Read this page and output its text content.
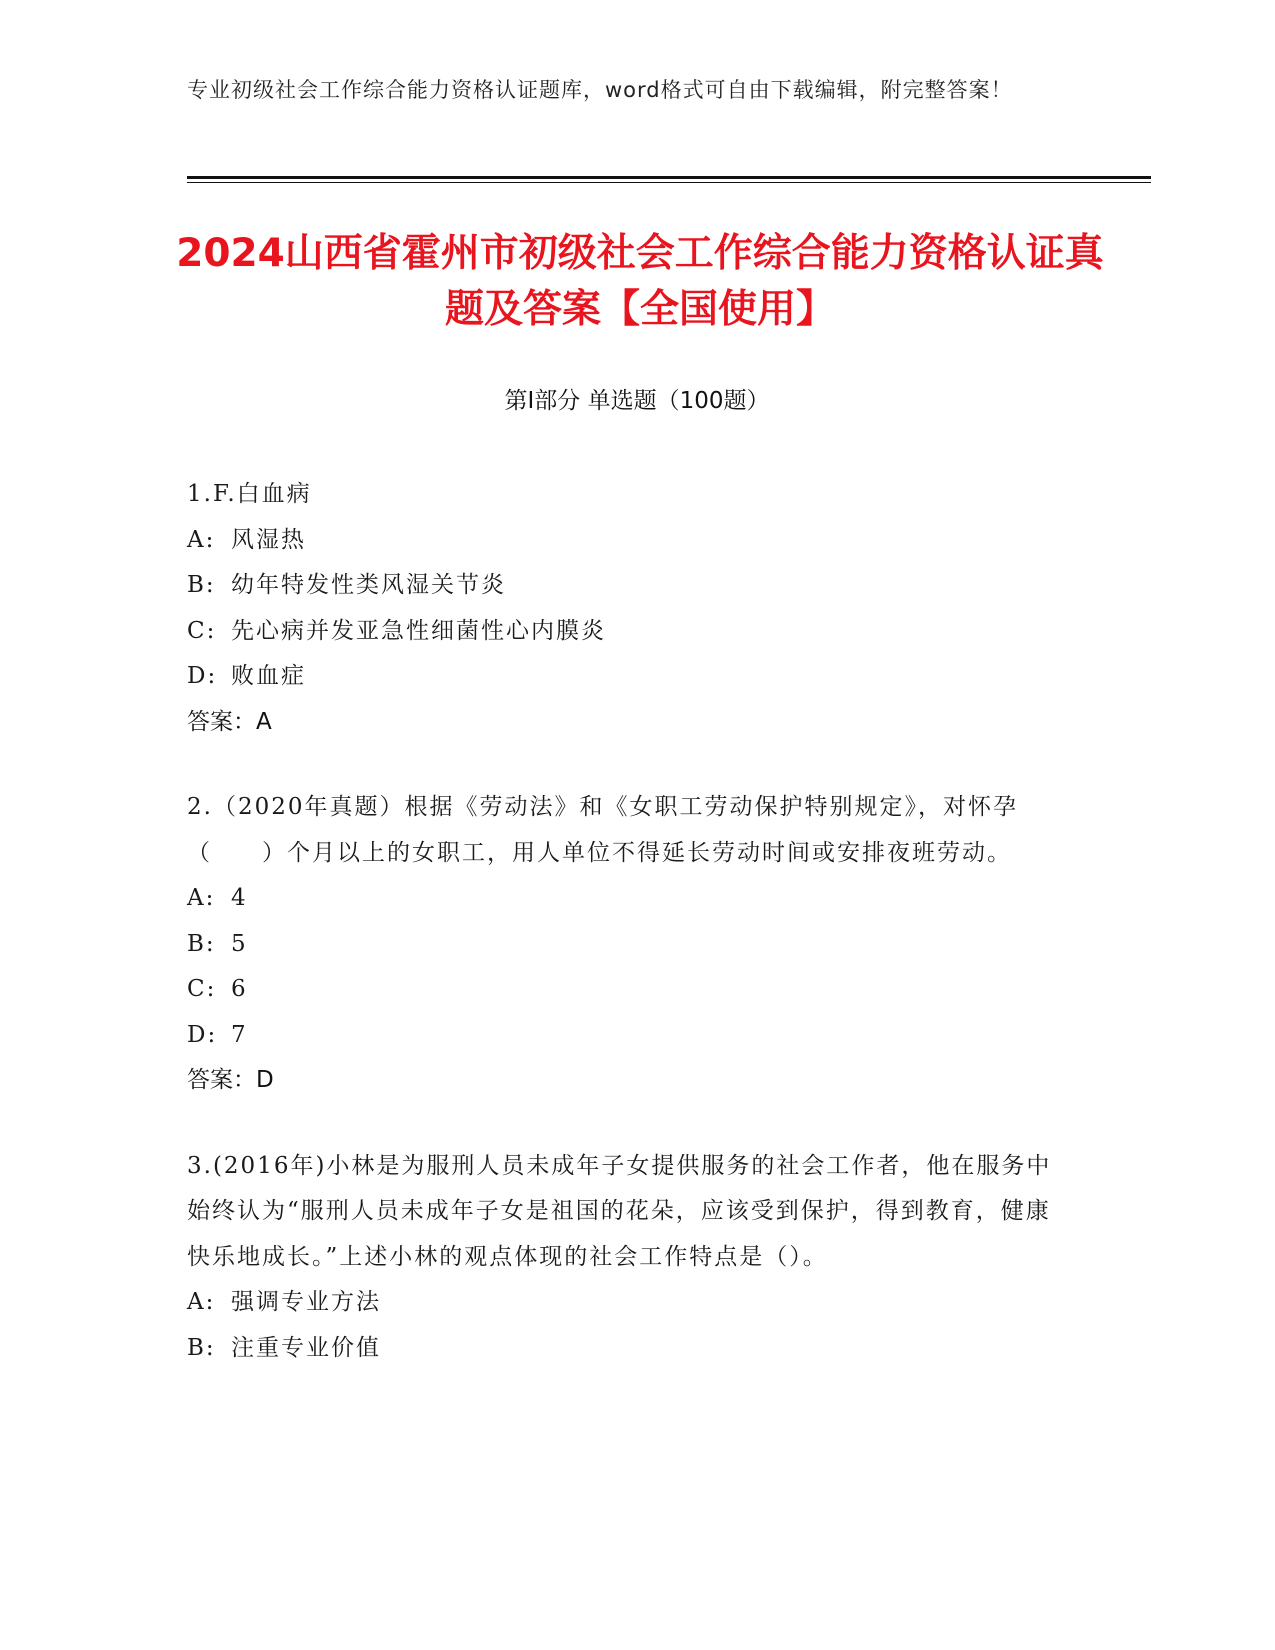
专业初级社会工作综合能力资格认证题库，word格式可自由下载编辑，附完整答案！
2024山西省霍州市初级社会工作综合能力资格认证真题及答案【全国使用】
第Ⅰ部分 单选题（100题）
1.F.白血病
A: 风湿热
B: 幼年特发性类风湿关节炎
C: 先心病并发亚急性细菌性心内膜炎
D: 败血症
答案：A
2.（2020年真题）根据《劳动法》和《女职工劳动保护特别规定》，对怀孕（　　）个月以上的女职工，用人单位不得延长劳动时间或安排夜班劳动。
A: 4
B: 5
C: 6
D: 7
答案：D
3.(2016年)小林是为服刑人员未成年子女提供服务的社会工作者，他在服务中始终认为“服刑人员未成年子女是祖国的花朵，应该受到保护，得到教育，健康快乐地成长。”上述小林的观点体现的社会工作特点是（）。
A: 强调专业方法
B: 注重专业价值
